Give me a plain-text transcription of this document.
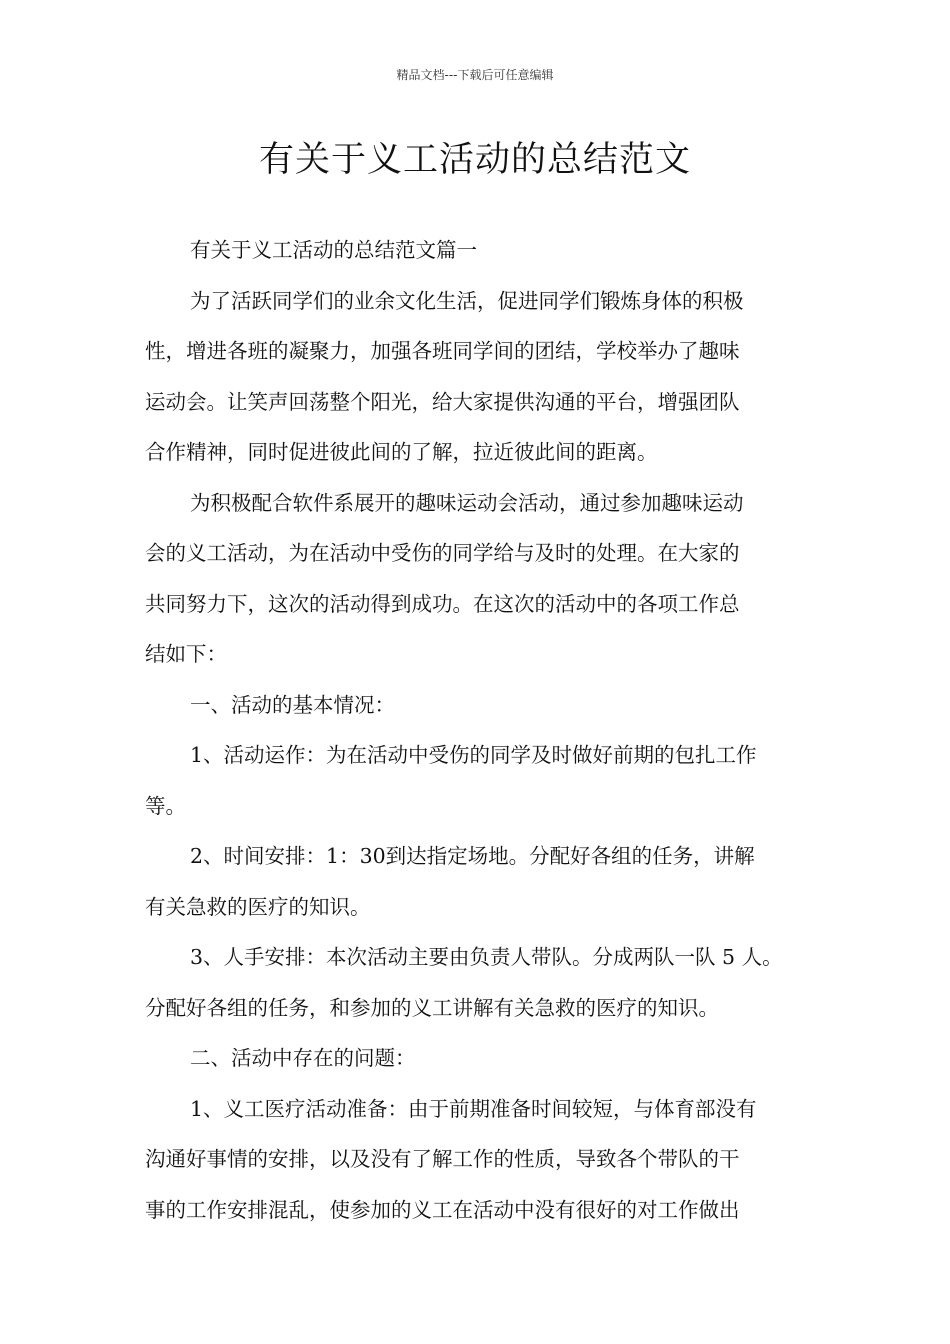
精品文档---下载后可任意编辑
有关于义工活动的总结范文
有关于义工活动的总结范文篇一
为了活跃同学们的业余文化生活，促进同学们锻炼身体的积极
性，增进各班的凝聚力，加强各班同学间的团结，学校举办了趣味
运动会。让笑声回荡整个阳光，给大家提供沟通的平台，增强团队
合作精神，同时促进彼此间的了解，拉近彼此间的距离。
为积极配合软件系展开的趣味运动会活动，通过参加趣味运动
会的义工活动，为在活动中受伤的同学给与及时的处理。在大家的
共同努力下，这次的活动得到成功。在这次的活动中的各项工作总
结如下：
一、活动的基本情况：
1、活动运作：为在活动中受伤的同学及时做好前期的包扎工作
等。
2、时间安排：1：30到达指定场地。分配好各组的任务，讲解
有关急救的医疗的知识。
3、人手安排：本次活动主要由负责人带队。分成两队一队 5 人。
分配好各组的任务，和参加的义工讲解有关急救的医疗的知识。
二、活动中存在的问题：
1、义工医疗活动准备：由于前期准备时间较短，与体育部没有
沟通好事情的安排，以及没有了解工作的性质，导致各个带队的干
事的工作安排混乱，使参加的义工在活动中没有很好的对工作做出
